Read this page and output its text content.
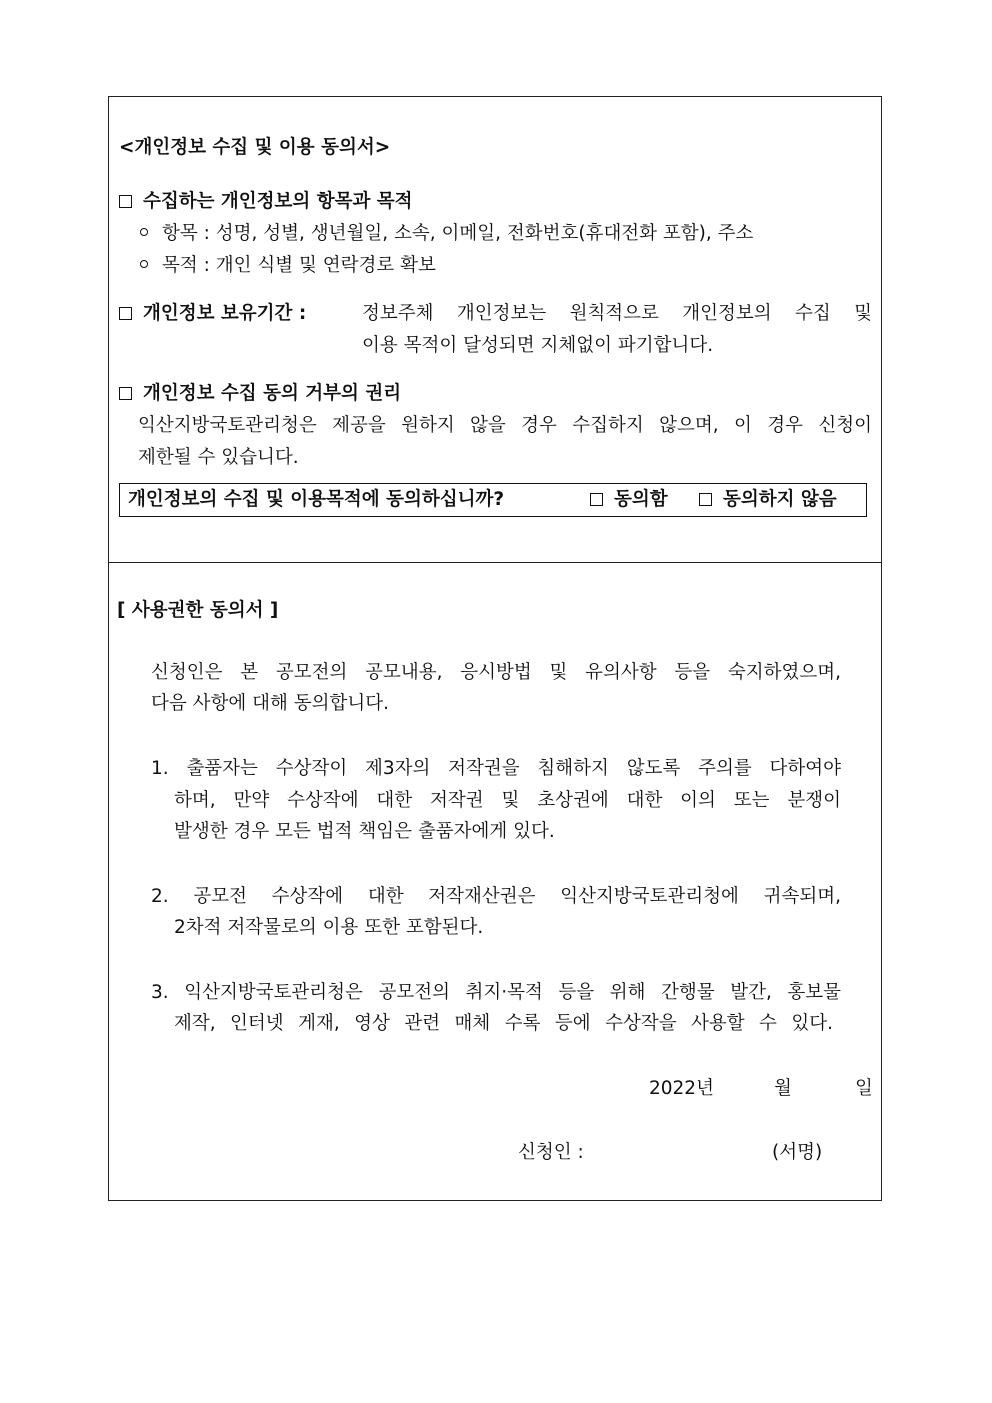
<개인정보 수집 및 이용 동의서>
수집하는 개인정보의 항목과 목적
항목 : 성명, 성별, 생년월일, 소속, 이메일, 전화번호(휴대전화 포함), 주소
목적 : 개인 식별 및 연락경로 확보
개인정보 보유기간 :	정보주체 개인정보는 원칙적으로 개인정보의 수집 및
이용 목적이 달성되면 지체없이 파기합니다.
개인정보 수집 동의 거부의 권리
익산지방국토관리청은 제공을 원하지 않을 경우 수집하지 않으며, 이 경우 신청이
제한될 수 있습니다.
개인정보의 수집 및 이용목적에 동의하십니까?	동의함	동의하지 않음
[ 사용권한 동의서 ]
신청인은 본 공모전의 공모내용, 응시방법 및 유의사항 등을 숙지하였으며,
다음 사항에 대해 동의합니다.
1. 출품자는 수상작이 제3자의 저작권을 침해하지 않도록 주의를 다하여야
하며, 만약 수상작에 대한 저작권 및 초상권에 대한 이의 또는 분쟁이
발생한 경우 모든 법적 책임은 출품자에게 있다.
2. 공모전 수상작에 대한 저작재산권은 익산지방국토관리청에 귀속되며,
2차적 저작물로의 이용 또한 포함된다.
3. 익산지방국토관리청은 공모전의 취지·목적 등을 위해 간행물 발간, 홍보물
제작, 인터넷 게재, 영상 관련 매체 수록 등에 수상작을 사용할 수 있다.
2022년	월	일
신청인 :	(서명)
